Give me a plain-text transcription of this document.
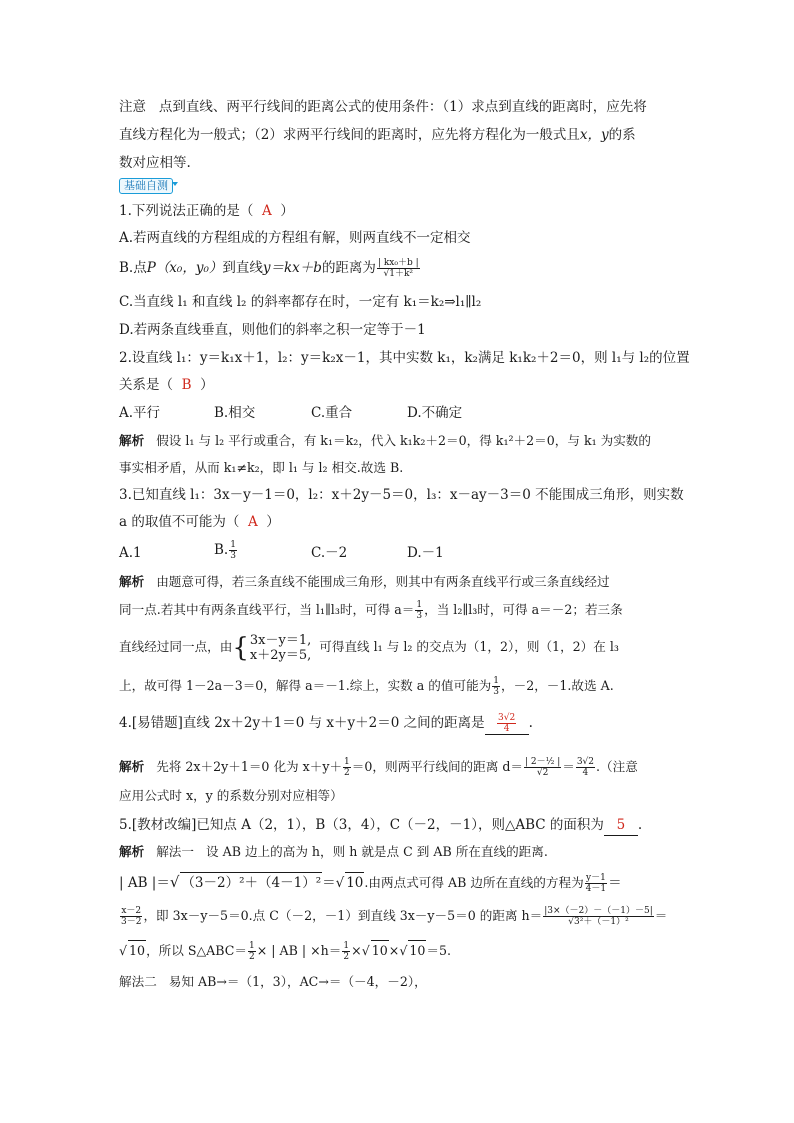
注意 点到直线、两平行线间的距离公式的使用条件：（1）求点到直线的距离时，应先将
直线方程化为一般式；（2）求两平行线间的距离时，应先将方程化为一般式且x，y的系
数对应相等.
基础自测
1.下列说法正确的是（ A ）
A.若两直线的方程组成的方程组有解，则两直线不一定相交
B.点P（x₀，y₀）到直线y＝kx＋b的距离为 $\frac{\text{| kx₀＋b |}}{\text{√1＋k²}}$
C.当直线 l₁ 和直线 l₂ 的斜率都存在时，一定有 k₁＝k₂⇒l₁∥l₂
D.若两条直线垂直，则他们的斜率之积一定等于－1
2.设直线 l₁：y＝k₁x＋1，l₂：y＝k₂x－1，其中实数 k₁，k₂满足 k₁k₂＋2＝0，则 l₁与 l₂的位置
关系是（ B ）
A.平行	B.相交	C.重合	D.不确定
解析 假设 l₁ 与 l₂ 平行或重合，有 k₁＝k₂，代入 k₁k₂＋2＝0，得 k₁²＋2＝0，与 k₁ 为实数的
事实相矛盾，从而 k₁≠k₂，即 l₁ 与 l₂ 相交.故选 B.
3.已知直线 l₁：3x－y－1＝0，l₂：x＋2y－5＝0，l₃：x－ay－3＝0 不能围成三角形，则实数
a 的取值不可能为（ A ）
A.1	B. $\frac{1}{3}$	C.－2	D.－1
解析 由题意可得，若三条直线不能围成三角形，则其中有两条直线平行或三条直线经过
同一点.若其中有两条直线平行，当 l₁∥l₃时，可得 $a= \frac{1}{3}$ ，当 l₂∥l₃时，可得 a＝－2；若三条
直线经过同一点，由{ 3x－y＝1,
x＋2y＝5,
可得直线 l₁ 与 l₂ 的交点为（1，2），则（1，2）在 l₃
上，故可得 1－2a－3＝0，解得 a＝－1.综上，实数 a 的值可能为 $\frac{1}{3}$ ，－2，－1.故选 A.
4.[易错题]直线 2x＋2y＋1＝0 与 x＋y＋2＝0 之间的距离是 $\frac{3√2}{4}$ .
解析 先将 2x＋2y＋1＝0 化为 $x+y+ \frac{1}{2} =0$，则两平行线间的距离 $d= \frac{\text{| 2－½ |}}{√2} = \frac{3√2}{4}$ .（注意
应用公式时 x，y 的系数分别对应相等）
5.[教材改编]已知点 A（2，1），B（3，4），C（－2，－1），则△ABC 的面积为 5 .
解析 解法一 设 AB 边上的高为 h，则 h 就是点 C 到 AB 所在直线的距离.
| AB |＝√ （3－2）²＋（4－1）²＝√ 10.由两点式可得 AB 边所在直线的方程为 $\frac{y-1}{4-1}$ ＝
$\frac{x-2}{3-2}$ ，即 3x－y－5＝0.点 C（－2，－1）到直线 3x－y－5＝0 的距离 $h= \frac{|3\times(-2)-(-1)-5|}{\text{√3²＋（－1）²}}$ ＝
√ 10，所以 S△ABC＝ $\frac{1}{2}$ × | AB | $\times h= \frac{1}{2}$ ×√ 10×√ 10＝5.
解法二 易知 AB→＝（1，3），AC→＝（－4，－2），
